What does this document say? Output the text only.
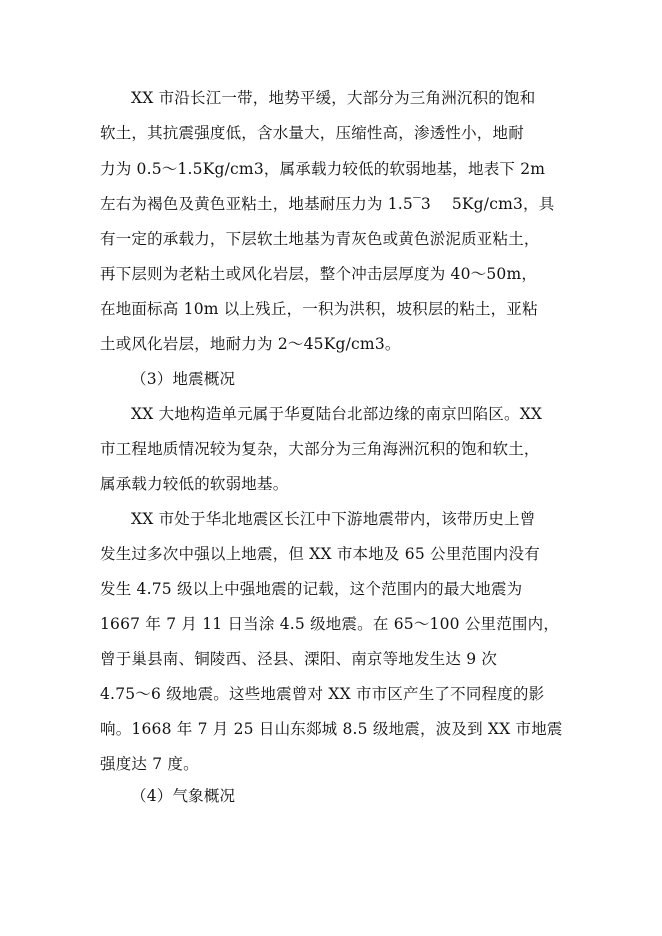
XX 市沿长江一带，地势平缓，大部分为三角洲沉积的饱和
软土，其抗震强度低，含水量大，压缩性高，渗透性小，地耐
力为 0.5～1.5Kg/cm3，属承载力较低的软弱地基，地表下 2m
左右为褐色及黄色亚粘土，地基耐压力为 1.5‾3　 5Kg/cm3，具
有一定的承载力，下层软土地基为青灰色或黄色淤泥质亚粘土，
再下层则为老粘土或风化岩层，整个冲击层厚度为 40～50m，
在地面标高 10m 以上残丘，一积为洪积，坡积层的粘土，亚粘
土或风化岩层，地耐力为 2～45Kg/cm3。
（3）地震概况
XX 大地构造单元属于华夏陆台北部边缘的南京凹陷区。XX
市工程地质情况较为复杂，大部分为三角海洲沉积的饱和软土，
属承载力较低的软弱地基。
XX 市处于华北地震区长江中下游地震带内，该带历史上曾
发生过多次中强以上地震，但 XX 市本地及 65 公里范围内没有
发生 4.75 级以上中强地震的记载，这个范围内的最大地震为
1667 年 7 月 11 日当涂 4.5 级地震。在 65～100 公里范围内，
曾于巢县南、铜陵西、泾县、溧阳、南京等地发生达 9 次
4.75～6 级地震。这些地震曾对 XX 市市区产生了不同程度的影
响。1668 年 7 月 25 日山东郯城 8.5 级地震，波及到 XX 市地震
强度达 7 度。
（4）气象概况
